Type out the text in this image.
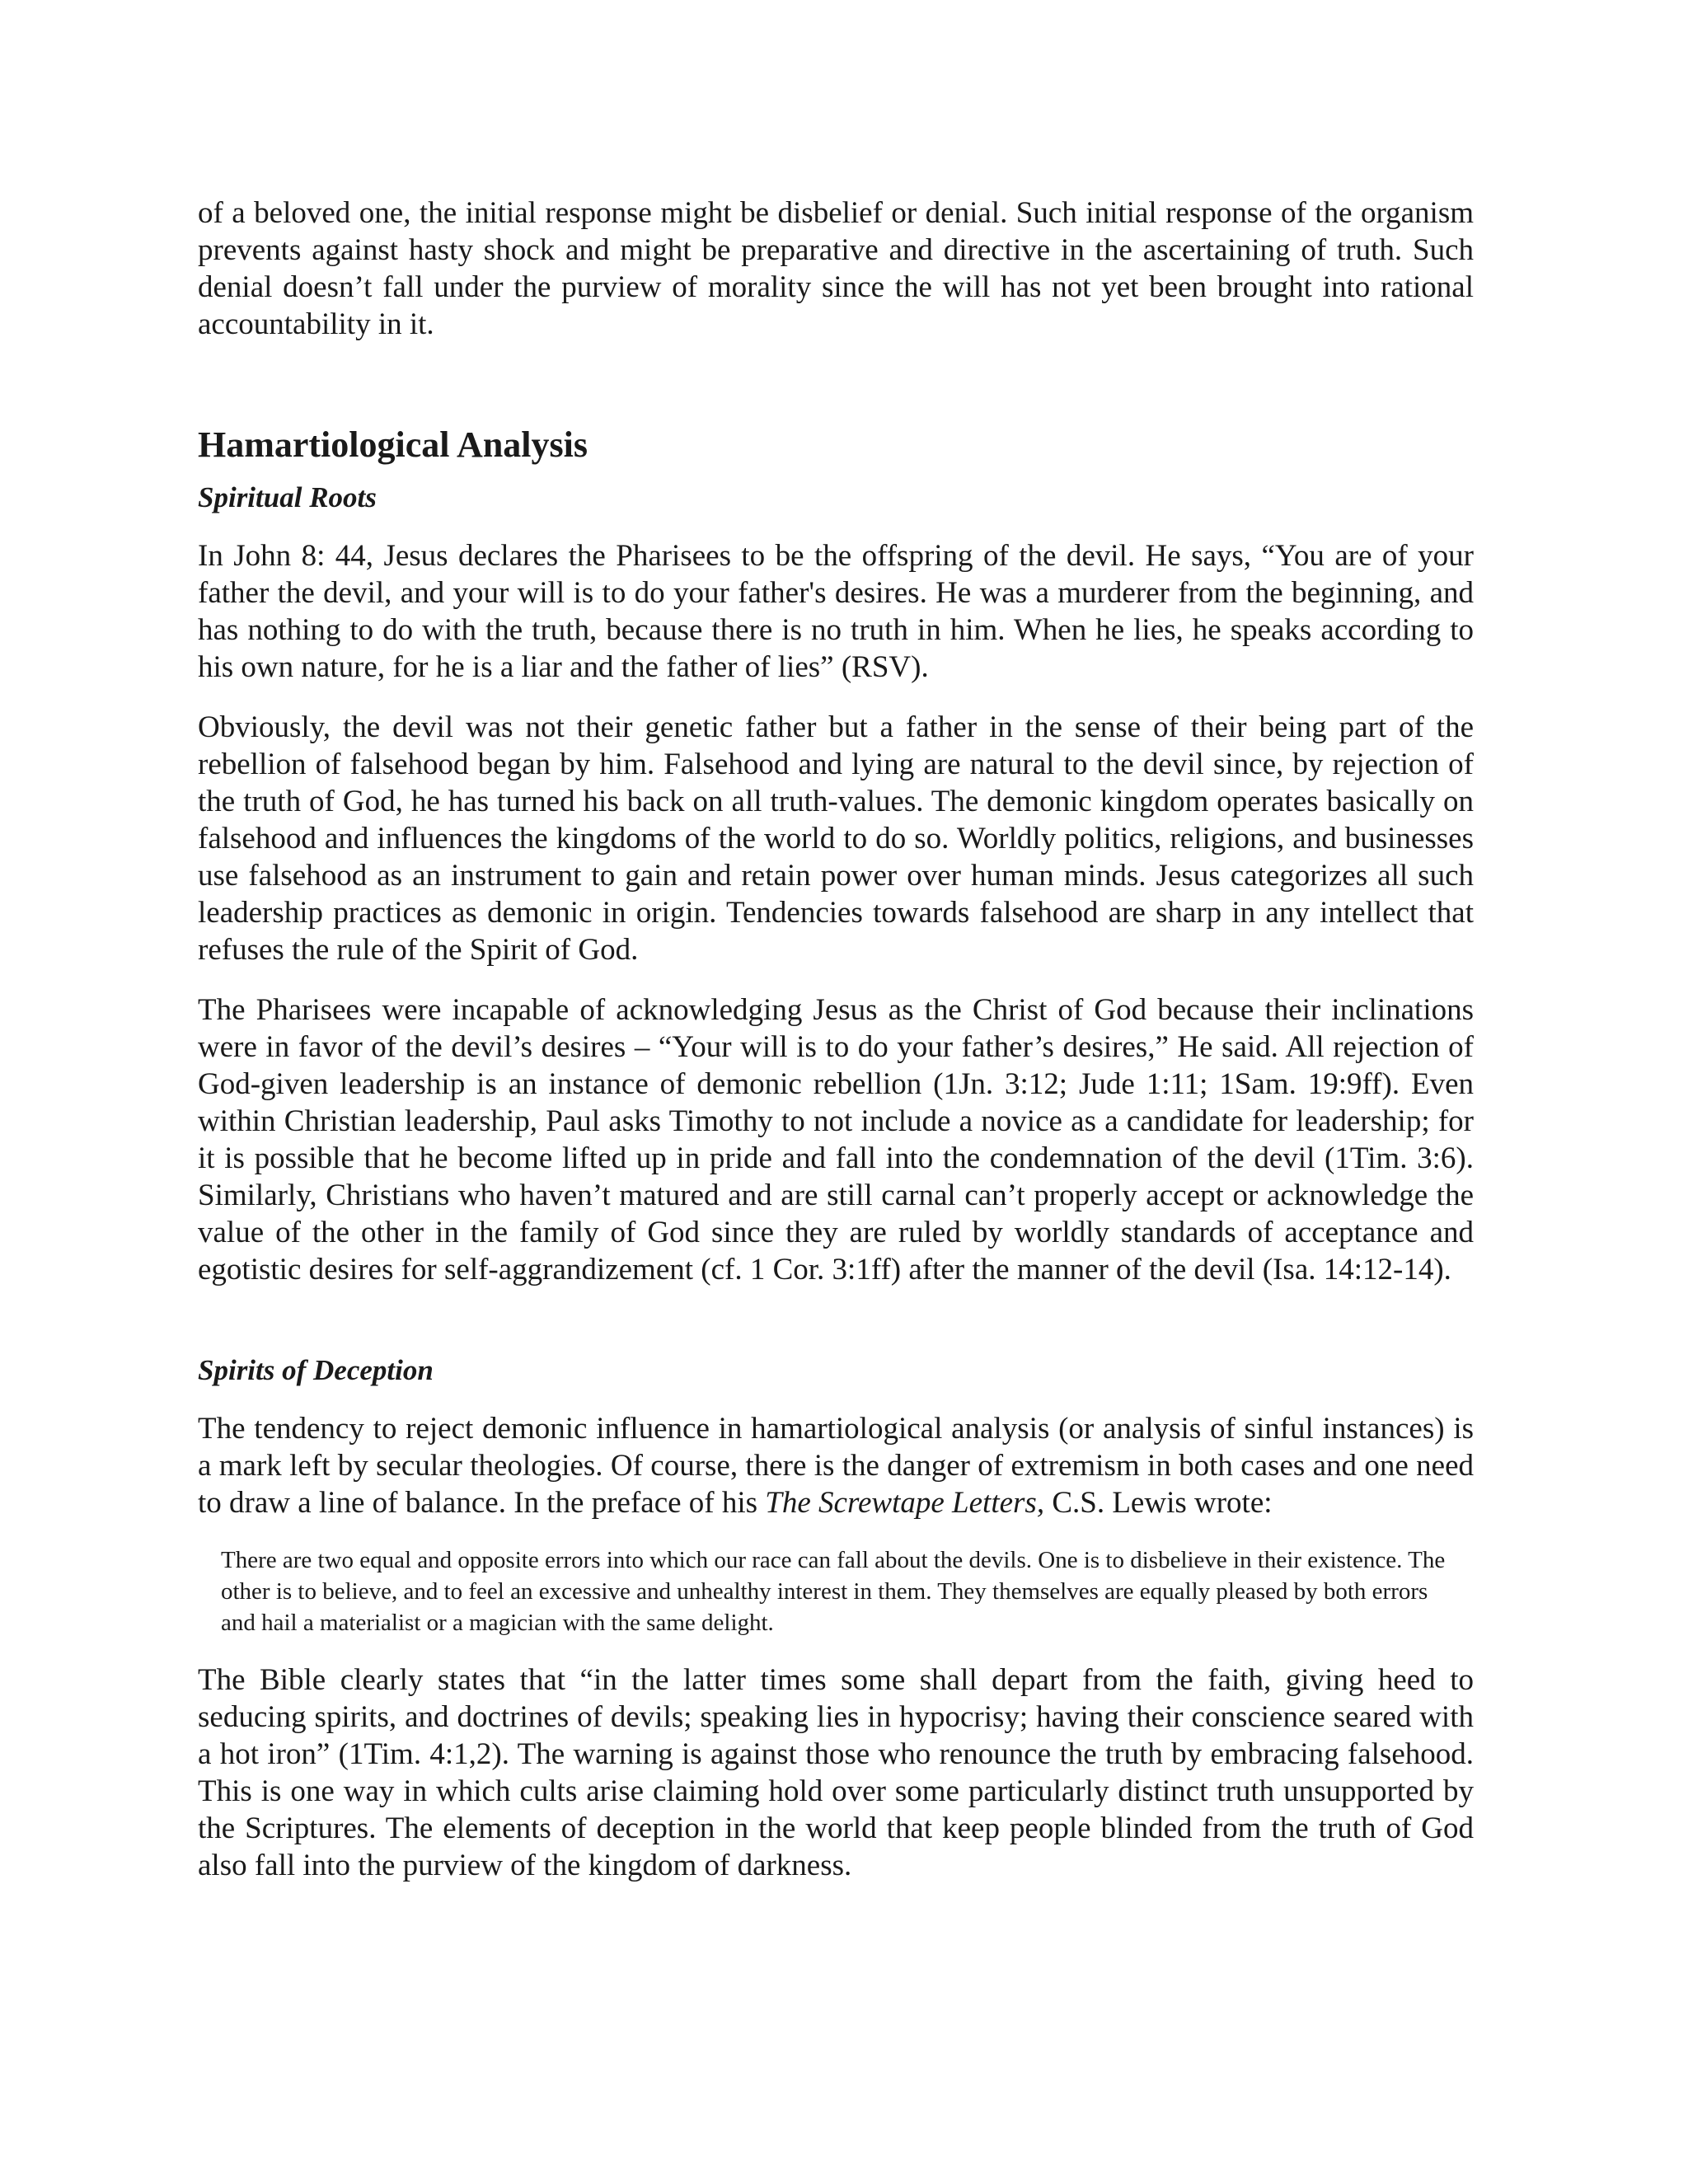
of a beloved one, the initial response might be disbelief or denial. Such initial response of the organism prevents against hasty shock and might be preparative and directive in the ascertaining of truth. Such denial doesn’t fall under the purview of morality since the will has not yet been brought into rational accountability in it.

Hamartiological Analysis
Spiritual Roots

In John 8: 44, Jesus declares the Pharisees to be the offspring of the devil. He says, “You are of your father the devil, and your will is to do your father's desires. He was a murderer from the beginning, and has nothing to do with the truth, because there is no truth in him. When he lies, he speaks according to his own nature, for he is a liar and the father of lies” (RSV).

Obviously, the devil was not their genetic father but a father in the sense of their being part of the rebellion of falsehood began by him. Falsehood and lying are natural to the devil since, by rejection of the truth of God, he has turned his back on all truth-values. The demonic kingdom operates basically on falsehood and influences the kingdoms of the world to do so. Worldly politics, religions, and businesses use falsehood as an instrument to gain and retain power over human minds. Jesus categorizes all such leadership practices as demonic in origin. Tendencies towards falsehood are sharp in any intellect that refuses the rule of the Spirit of God.

The Pharisees were incapable of acknowledging Jesus as the Christ of God because their inclinations were in favor of the devil’s desires – “Your will is to do your father’s desires,” He said. All rejection of God-given leadership is an instance of demonic rebellion (1Jn. 3:12; Jude 1:11; 1Sam. 19:9ff). Even within Christian leadership, Paul asks Timothy to not include a novice as a candidate for leadership; for it is possible that he become lifted up in pride and fall into the condemnation of the devil (1Tim. 3:6). Similarly, Christians who haven’t matured and are still carnal can’t properly accept or acknowledge the value of the other in the family of God since they are ruled by worldly standards of acceptance and egotistic desires for self-aggrandizement (cf. 1 Cor. 3:1ff) after the manner of the devil (Isa. 14:12-14).

Spirits of Deception

The tendency to reject demonic influence in hamartiological analysis (or analysis of sinful instances) is a mark left by secular theologies. Of course, there is the danger of extremism in both cases and one need to draw a line of balance. In the preface of his The Screwtape Letters, C.S. Lewis wrote:

There are two equal and opposite errors into which our race can fall about the devils. One is to disbelieve in their existence. The other is to believe, and to feel an excessive and unhealthy interest in them. They themselves are equally pleased by both errors and hail a materialist or a magician with the same delight.

The Bible clearly states that “in the latter times some shall depart from the faith, giving heed to seducing spirits, and doctrines of devils; speaking lies in hypocrisy; having their conscience seared with a hot iron” (1Tim. 4:1,2). The warning is against those who renounce the truth by embracing falsehood. This is one way in which cults arise claiming hold over some particularly distinct truth unsupported by the Scriptures. The elements of deception in the world that keep people blinded from the truth of God also fall into the purview of the kingdom of darkness.
